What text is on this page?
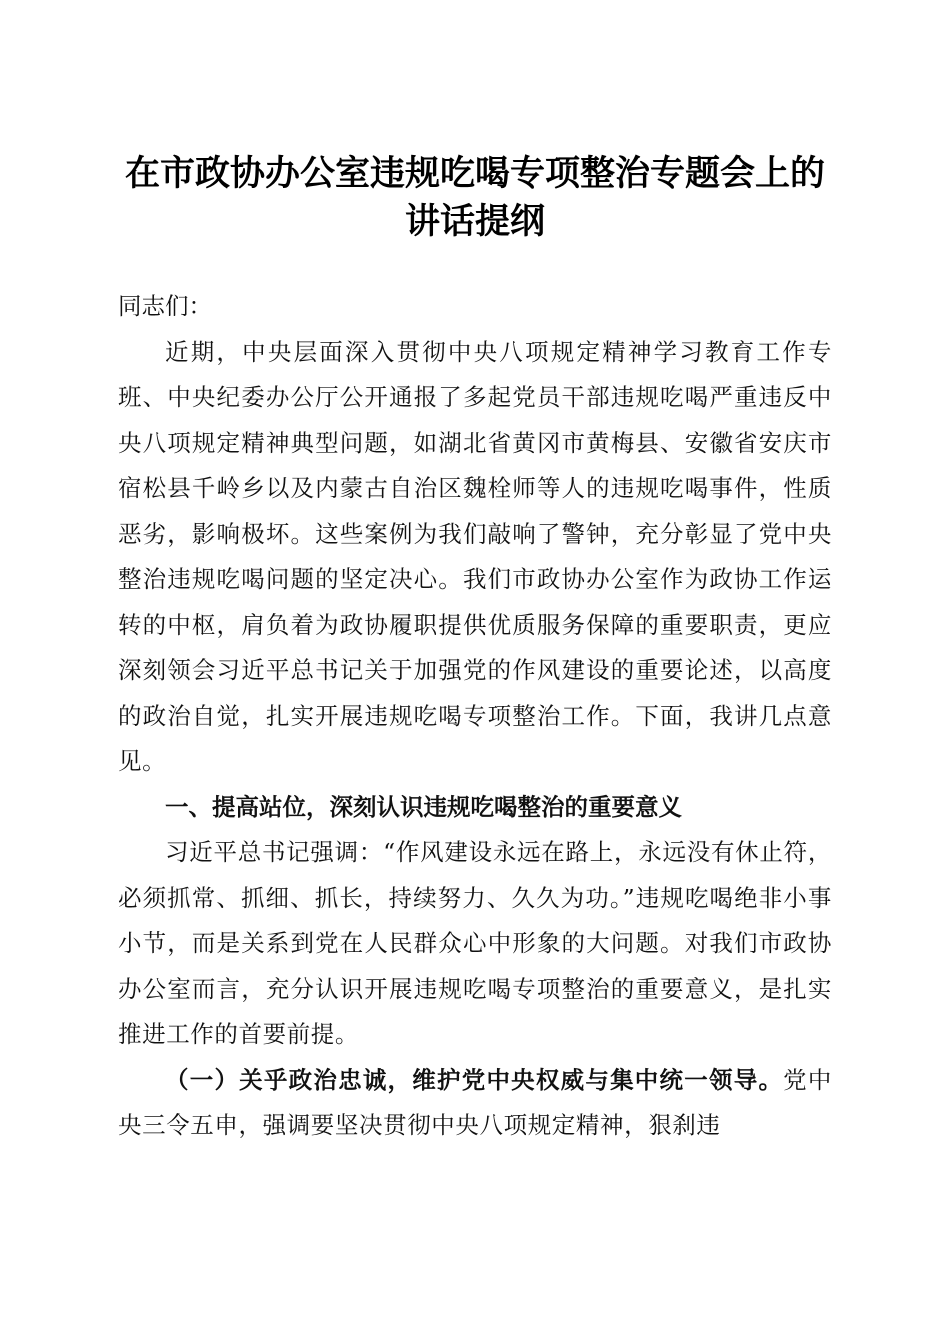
在市政协办公室违规吃喝专项整治专题会上的
讲话提纲

同志们：

近期，中央层面深入贯彻中央八项规定精神学习教育工作专班、中央纪委办公厅公开通报了多起党员干部违规吃喝严重违反中央八项规定精神典型问题，如湖北省黄冈市黄梅县、安徽省安庆市宿松县千岭乡以及内蒙古自治区魏栓师等人的违规吃喝事件，性质恶劣，影响极坏。这些案例为我们敲响了警钟，充分彰显了党中央整治违规吃喝问题的坚定决心。我们市政协办公室作为政协工作运转的中枢，肩负着为政协履职提供优质服务保障的重要职责，更应深刻领会习近平总书记关于加强党的作风建设的重要论述，以高度的政治自觉，扎实开展违规吃喝专项整治工作。下面，我讲几点意见。

一、提高站位，深刻认识违规吃喝整治的重要意义

习近平总书记强调：“作风建设永远在路上，永远没有休止符，必须抓常、抓细、抓长，持续努力、久久为功。”违规吃喝绝非小事小节，而是关系到党在人民群众心中形象的大问题。对我们市政协办公室而言，充分认识开展违规吃喝专项整治的重要意义，是扎实推进工作的首要前提。

（一）关乎政治忠诚，维护党中央权威与集中统一领导。党中央三令五申，强调要坚决贯彻中央八项规定精神，狠刹违
